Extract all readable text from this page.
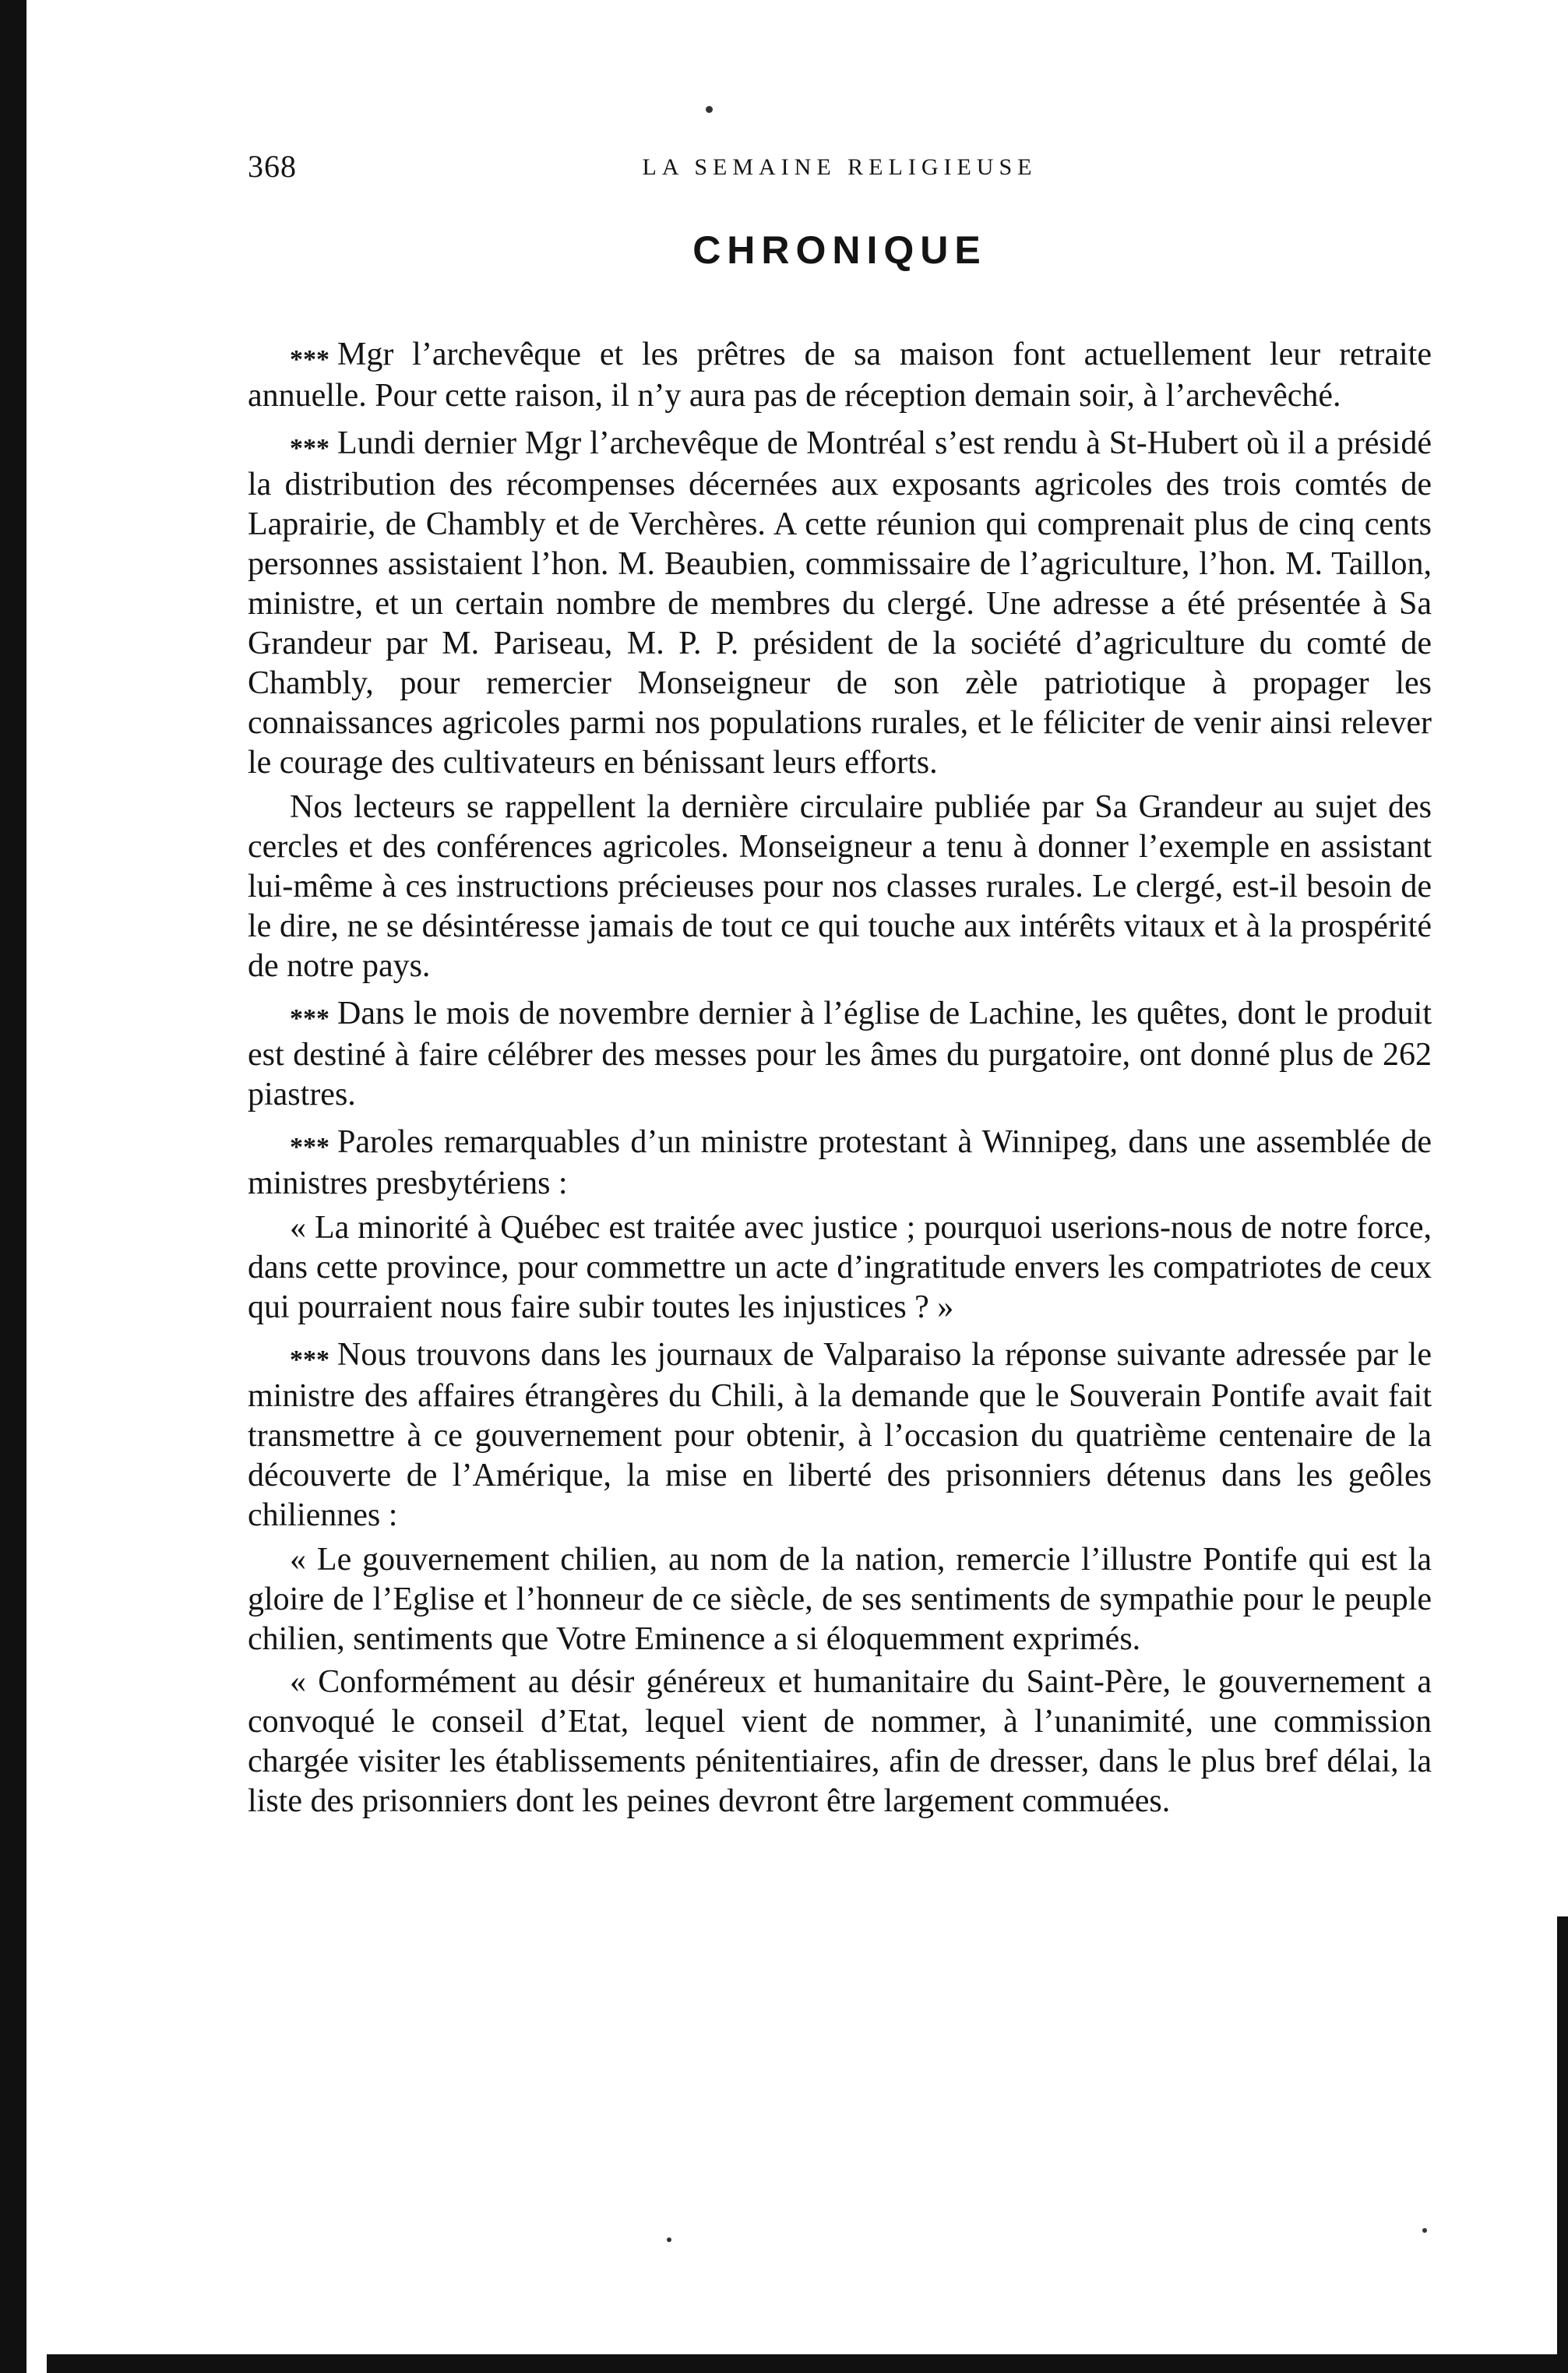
368	LA SEMAINE RELIGIEUSE
CHRONIQUE

***Mgr l’archevêque et les prêtres de sa maison font actuellement leur retraite annuelle. Pour cette raison, il n’y aura pas de réception demain soir, à l’archevêché.

***Lundi dernier Mgr l’archevêque de Montréal s’est rendu à St-Hubert où il a présidé la distribution des récompenses décernées aux exposants agricoles des trois comtés de Laprairie, de Chambly et de Verchères. A cette réunion qui comprenait plus de cinq cents personnes assistaient l’hon. M. Beaubien, commissaire de l’agriculture, l’hon. M. Taillon, ministre, et un certain nombre de membres du clergé. Une adresse a été présentée à Sa Grandeur par M. Pariseau, M. P. P. président de la société d’agriculture du comté de Chambly, pour remercier Monseigneur de son zèle patriotique à propager les connaissances agricoles parmi nos populations rurales, et le féliciter de venir ainsi relever le courage des cultivateurs en bénissant leurs efforts.

Nos lecteurs se rappellent la dernière circulaire publiée par Sa Grandeur au sujet des cercles et des conférences agricoles. Monseigneur a tenu à donner l’exemple en assistant lui-même à ces instructions précieuses pour nos classes rurales. Le clergé, est-il besoin de le dire, ne se désintéresse jamais de tout ce qui touche aux intérêts vitaux et à la prospérité de notre pays.

***Dans le mois de novembre dernier à l’église de Lachine, les quêtes, dont le produit est destiné à faire célébrer des messes pour les âmes du purgatoire, ont donné plus de 262 piastres.

***Paroles remarquables d’un ministre protestant à Winnipeg, dans une assemblée de ministres presbytériens :

« La minorité à Québec est traitée avec justice ; pourquoi userions-nous de notre force, dans cette province, pour commettre un acte d’ingratitude envers les compatriotes de ceux qui pourraient nous faire subir toutes les injustices ? »

***Nous trouvons dans les journaux de Valparaiso la réponse suivante adressée par le ministre des affaires étrangères du Chili, à la demande que le Souverain Pontife avait fait transmettre à ce gouvernement pour obtenir, à l’occasion du quatrième centenaire de la découverte de l’Amérique, la mise en liberté des prisonniers détenus dans les geôles chiliennes :

« Le gouvernement chilien, au nom de la nation, remercie l’illustre Pontife qui est la gloire de l’Eglise et l’honneur de ce siècle, de ses sentiments de sympathie pour le peuple chilien, sentiments que Votre Eminence a si éloquemment exprimés.

« Conformément au désir généreux et humanitaire du Saint-Père, le gouvernement a convoqué le conseil d’Etat, lequel vient de nommer, à l’unanimité, une commission chargée visiter les établissements pénitentiaires, afin de dresser, dans le plus bref délai, la liste des prisonniers dont les peines devront être largement commuées.
